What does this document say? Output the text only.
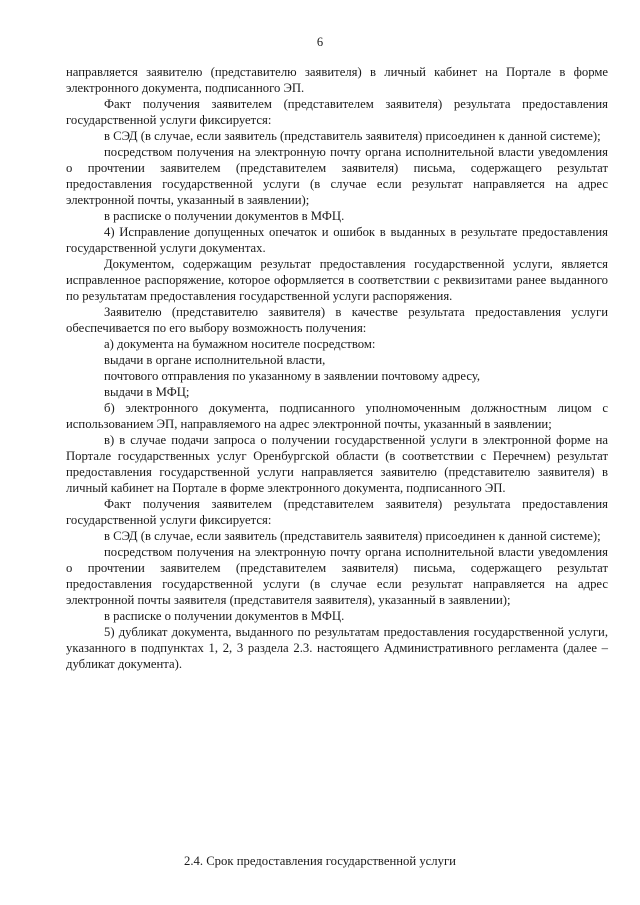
6

направляется заявителю (представителю заявителя) в личный кабинет на Портале в форме электронного документа, подписанного ЭП.

Факт получения заявителем (представителем заявителя) результата предоставления государственной услуги фиксируется:

в СЭД (в случае, если заявитель (представитель заявителя) присоединен к данной системе);

посредством получения на электронную почту органа исполнительной власти уведомления о прочтении заявителем (представителем заявителя) письма, содержащего результат предоставления государственной услуги (в случае если результат направляется на адрес электронной почты, указанный в заявлении);

в расписке о получении документов в МФЦ.

4) Исправление допущенных опечаток и ошибок в выданных в результате предоставления государственной услуги документах.

Документом, содержащим результат предоставления государственной услуги, является исправленное распоряжение, которое оформляется в соответствии с реквизитами ранее выданного по результатам предоставления государственной услуги распоряжения.

Заявителю (представителю заявителя) в качестве результата предоставления услуги обеспечивается по его выбору возможность получения:

а) документа на бумажном носителе посредством:

выдачи в органе исполнительной власти,

почтового отправления по указанному в заявлении почтовому адресу,

выдачи в МФЦ;

б) электронного документа, подписанного уполномоченным должностным лицом с использованием ЭП, направляемого на адрес электронной почты, указанный в заявлении;

в) в случае подачи запроса о получении государственной услуги в электронной форме на Портале государственных услуг Оренбургской области (в соответствии с Перечнем) результат предоставления государственной услуги направляется заявителю (представителю заявителя) в личный кабинет на Портале в форме электронного документа, подписанного ЭП.

Факт получения заявителем (представителем заявителя) результата предоставления государственной услуги фиксируется:

в СЭД (в случае, если заявитель (представитель заявителя) присоединен к данной системе);

посредством получения на электронную почту органа исполнительной власти уведомления о прочтении заявителем (представителем заявителя) письма, содержащего результат предоставления государственной услуги (в случае если результат направляется на адрес электронной почты заявителя (представителя заявителя), указанный в заявлении);

в расписке о получении документов в МФЦ.

5) дубликат документа, выданного по результатам предоставления государственной услуги, указанного в подпунктах 1, 2, 3 раздела 2.3. настоящего Административного регламента (далее – дубликат документа).

2.4. Срок предоставления государственной услуги
